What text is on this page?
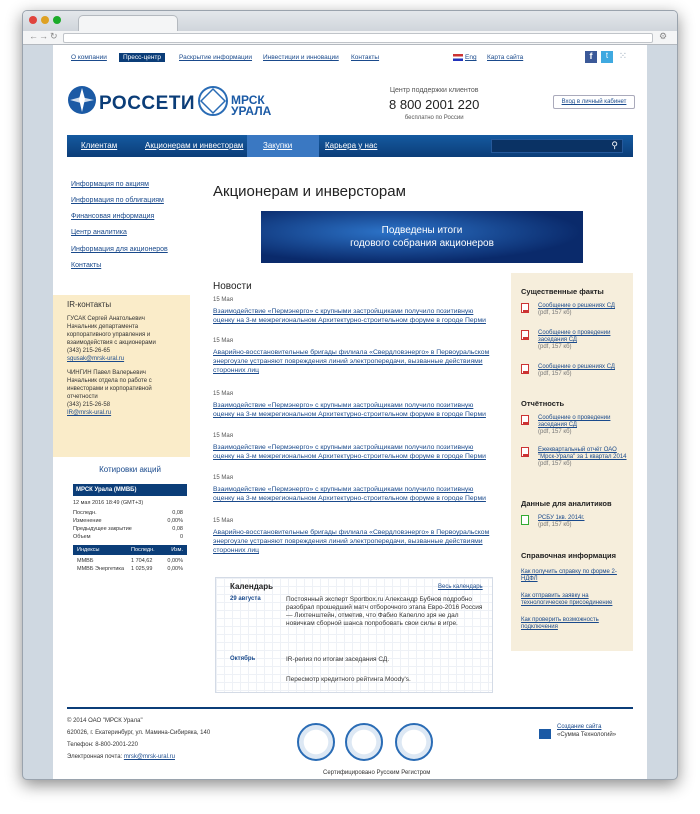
← → ↻	⚙
О компании	Пресс-центр	Раскрытие информации Инвестиции и инновации Контакты	Eng Карта сайта	f	t	⁙
РОССЕТИ	МРСК УРАЛА
Центр поддержки клиентов
8 800 2001 220
бесплатно по России
Вход в личный кабинет
Клиентам	Акционерам и инвесторам Закупки	Карьера у нас	⚲
Информация по акциям
Информация по облигациям
Финансовая информация
Центр аналитика
Информация для акционеров
Контакты
IR-контакты
ГУСАК Сергей Анатольевич
Начальник департамента
корпоративного управления и
взаимодействия с акционерами
(343) 215-26-65
sgusak@mrsk-ural.ru
ЧИНГИН Павел Валерьевич
Начальник отдела по работе с
инвесторами и корпоративной
отчетности
(343) 215-26-58
IR@mrsk-ural.ru
Котировки акций
МРСК Урала (ММВБ)
12 мая 2016 18:49 (GMT+3)
Последн.	0,08
Изменение	0,00%
Предыдущее закрытие	0,08
Объем	0
Индексы	Последн.	Изм.
ММВБ	1 704,62	0,00%
ММВБ Энергетика 1 025,99	0,00%
Акционерам и инверсторам
Подведены итоги
годового собрания акционеров
Новости
15 Мая
Взаимодействие «Пермэнерго» с крупными застройщиками получило позитивную оценку на 3-м межрегиональном Архитектурно-строительном форуме в городе Перми
15 Мая
Аварийно-восстановительные бригады филиала «Свердловэнерго» в Первоуральском энергоузле устраняют повреждения линий электропередачи, вызванные действиями сторонних лиц
15 Мая
Взаимодействие «Пермэнерго» с крупными застройщиками получило позитивную оценку на 3-м межрегиональном Архитектурно-строительном форуме в городе Перми
15 Мая
Взаимодействие «Пермэнерго» с крупными застройщиками получило позитивную оценку на 3-м межрегиональном Архитектурно-строительном форуме в городе Перми
15 Мая
Взаимодействие «Пермэнерго» с крупными застройщиками получило позитивную оценку на 3-м межрегиональном Архитектурно-строительном форуме в городе Перми
15 Мая
Аварийно-восстановительные бригады филиала «Свердловэнерго» в Первоуральском энергоузле устраняют повреждения линий электропередачи, вызванные действиями сторонних лиц
Календарь	Весь календарь
29 августа	Постоянный эксперт Sportbox.ru Александр Бубнов подробно разобрал прошедший матч отборочного этапа Евро-2016 Россия — Лихтенштейн, отметив, что Фабио Капелло зря не дал новичкам сборной шанса попробовать свои силы в игре.
Октябрь	IR-релиз по итогам заседания СД.
Пересмотр кредитного рейтинга Moody's.
Существенные факты
Сообщение о решениях СД
(pdf, 157 кб)
Сообщение о проведении заседания СД
(pdf, 157 кб)
Сообщение о решениях СД
(pdf, 157 кб)
Отчётность
Сообщение о проведении заседания СД
(pdf, 157 кб)
Ежеквартальный отчёт ОАО "Мрск-Урала" за 1 квартал 2014
(pdf, 157 кб)
Данные для аналитиков
РСБУ 1кв. 2014г.
(pdf, 157 кб)
Справочная информация
Как получить справку по форме 2-НДФЛ
Как отправить заявку на технологическое присоединение
Как проверить возможность подключения
© 2014 ОАО "МРСК Урала"
620026, г. Екатеринбург, ул. Мамина-Сибиряка, 140
Телефон: 8-800-2001-220
Электронная почта: mrsk@mrsk-ural.ru
Сертифицировано Русским Регистром
Создание сайта
«Сумма Технологий»
